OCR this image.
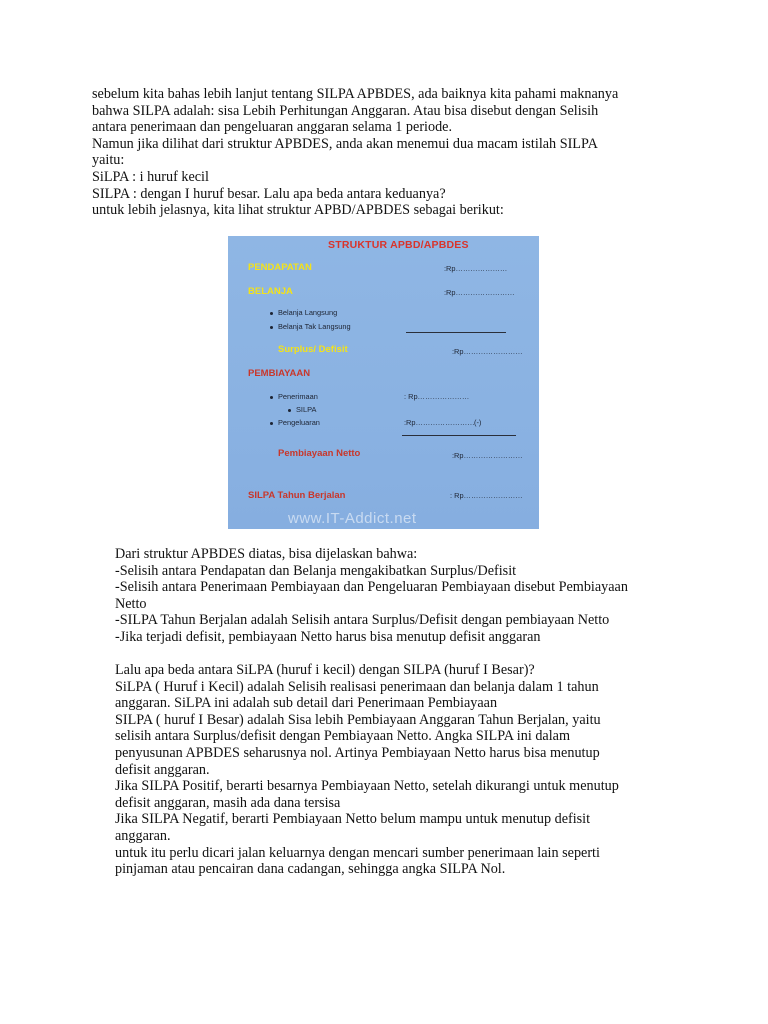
sebelum kita bahas lebih lanjut tentang SILPA APBDES, ada baiknya kita pahami maknanya
bahwa SILPA adalah: sisa Lebih Perhitungan Anggaran. Atau bisa disebut dengan Selisih
antara penerimaan dan pengeluaran anggaran selama 1 periode.
Namun jika dilihat dari struktur APBDES, anda akan menemui dua macam istilah SILPA
yaitu:
SiLPA : i huruf kecil
SILPA : dengan I huruf besar. Lalu apa beda antara keduanya?
untuk lebih jelasnya, kita lihat struktur APBD/APBDES sebagai berikut:
STRUKTUR APBD/APBDES
PENDAPATAN	:Rp…………………
BELANJA	:Rp……………………
Belanja Langsung
Belanja Tak Langsung
Surplus/ Defisit	:Rp……………………
PEMBIAYAAN
Penerimaan	: Rp…………………
SILPA
Pengeluaran	:Rp…………………… (-)
Pembiayaan Netto	:Rp……………………
SILPA Tahun Berjalan	: Rp……………………
www.IT-Addict.net
Dari struktur APBDES diatas, bisa dijelaskan bahwa:
-Selisih antara Pendapatan dan Belanja mengakibatkan Surplus/Defisit
-Selisih antara Penerimaan Pembiayaan dan Pengeluaran Pembiayaan disebut Pembiayaan
Netto
-SILPA Tahun Berjalan adalah Selisih antara Surplus/Defisit dengan pembiayaan Netto
-Jika terjadi defisit, pembiayaan Netto harus bisa menutup defisit anggaran
Lalu apa beda antara SiLPA (huruf i kecil) dengan SILPA (huruf I Besar)?
SiLPA ( Huruf i Kecil) adalah Selisih realisasi penerimaan dan belanja dalam 1 tahun
anggaran. SiLPA ini adalah sub detail dari Penerimaan Pembiayaan
SILPA ( huruf I Besar) adalah Sisa lebih Pembiayaan Anggaran Tahun Berjalan, yaitu
selisih antara Surplus/defisit dengan Pembiayaan Netto. Angka SILPA ini dalam
penyusunan APBDES seharusnya nol. Artinya Pembiayaan Netto harus bisa menutup
defisit anggaran.
Jika SILPA Positif, berarti besarnya Pembiayaan Netto, setelah dikurangi untuk menutup
defisit anggaran, masih ada dana tersisa
Jika SILPA Negatif, berarti Pembiayaan Netto belum mampu untuk menutup defisit
anggaran.
untuk itu perlu dicari jalan keluarnya dengan mencari sumber penerimaan lain seperti
pinjaman atau pencairan dana cadangan, sehingga angka SILPA Nol.
